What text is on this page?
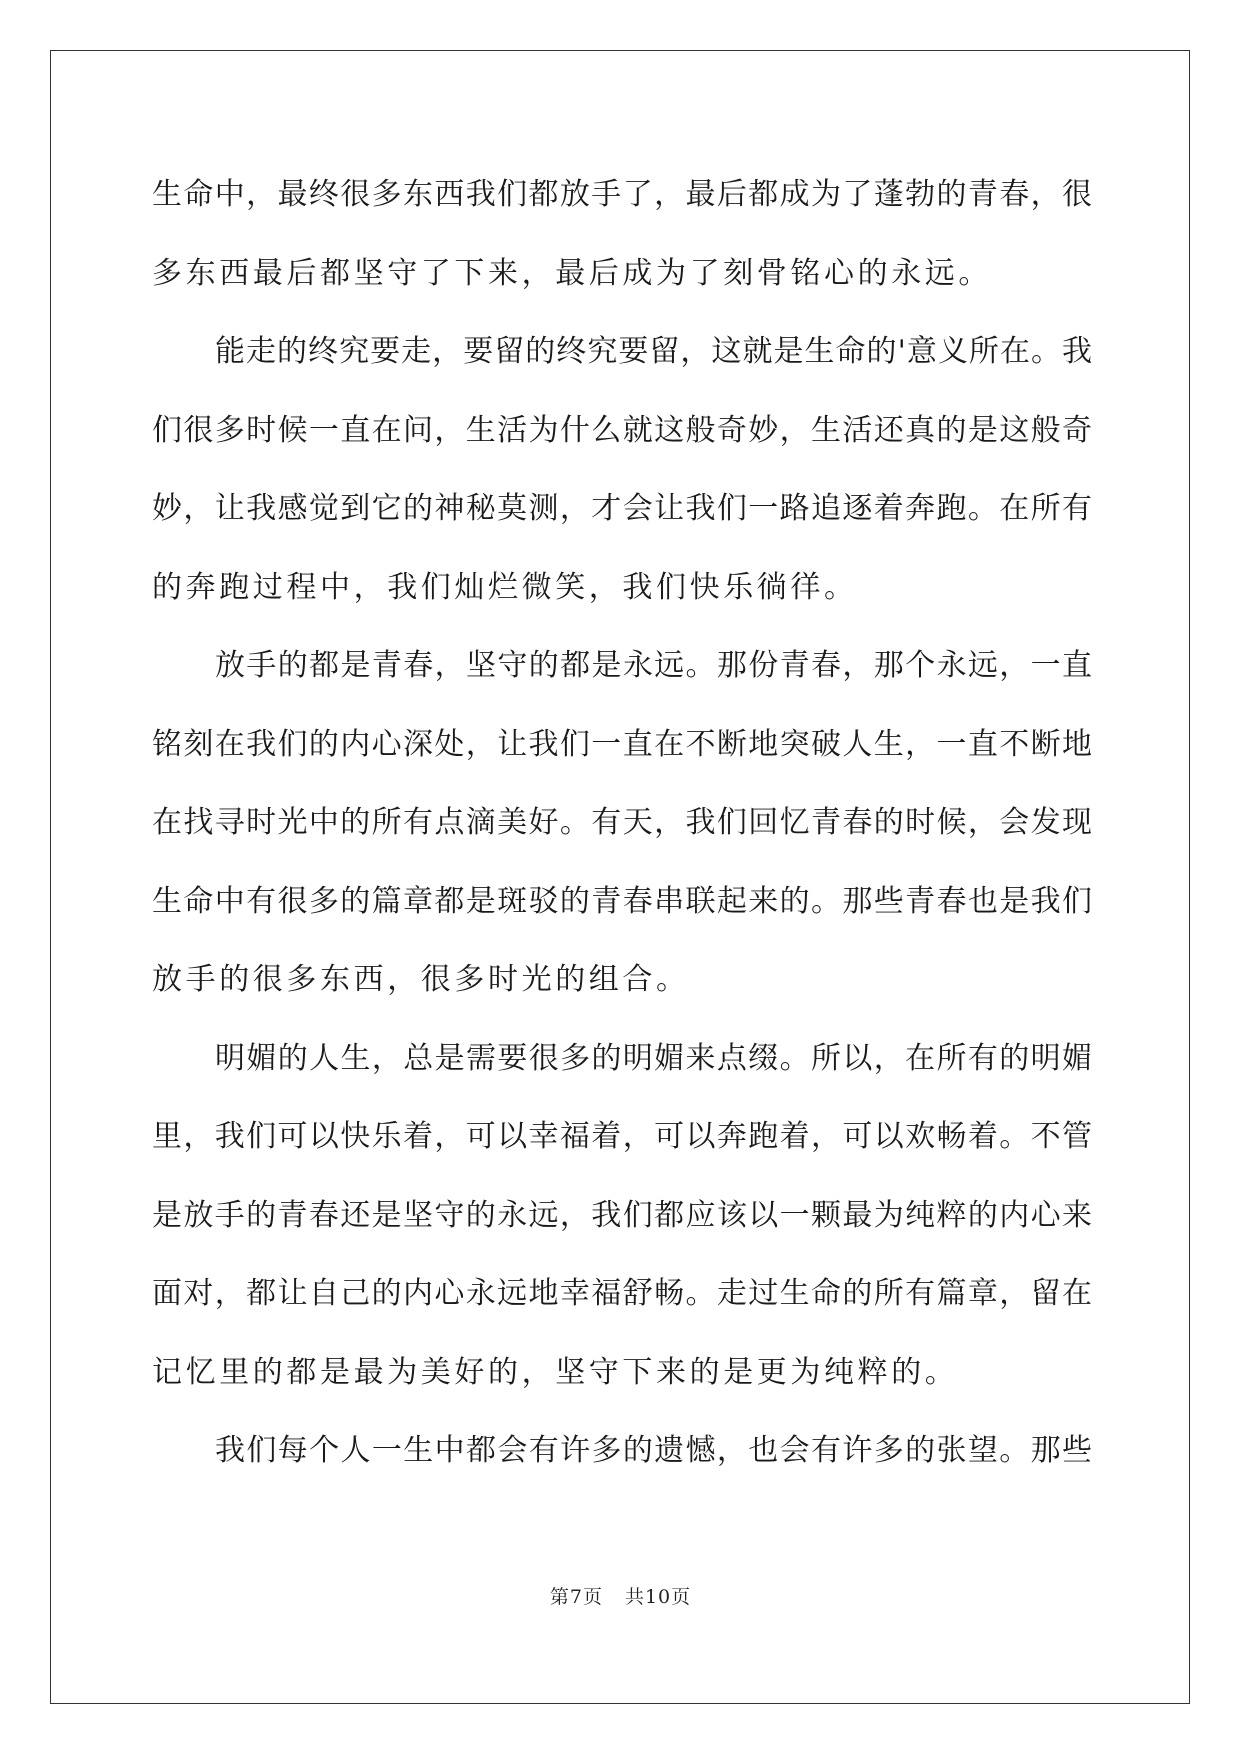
生命中，最终很多东西我们都放手了，最后都成为了蓬勃的青春，很
多东西最后都坚守了下来，最后成为了刻骨铭心的永远。
能走的终究要走，要留的终究要留，这就是生命的'意义所在。我
们很多时候一直在问，生活为什么就这般奇妙，生活还真的是这般奇
妙，让我感觉到它的神秘莫测，才会让我们一路追逐着奔跑。在所有
的奔跑过程中，我们灿烂微笑，我们快乐徜徉。
放手的都是青春，坚守的都是永远。那份青春，那个永远，一直
铭刻在我们的内心深处，让我们一直在不断地突破人生，一直不断地
在找寻时光中的所有点滴美好。有天，我们回忆青春的时候，会发现
生命中有很多的篇章都是斑驳的青春串联起来的。那些青春也是我们
放手的很多东西，很多时光的组合。
明媚的人生，总是需要很多的明媚来点缀。所以，在所有的明媚
里，我们可以快乐着，可以幸福着，可以奔跑着，可以欢畅着。不管
是放手的青春还是坚守的永远，我们都应该以一颗最为纯粹的内心来
面对，都让自己的内心永远地幸福舒畅。走过生命的所有篇章，留在
记忆里的都是最为美好的，坚守下来的是更为纯粹的。
我们每个人一生中都会有许多的遗憾，也会有许多的张望。那些
第7页 共10页
